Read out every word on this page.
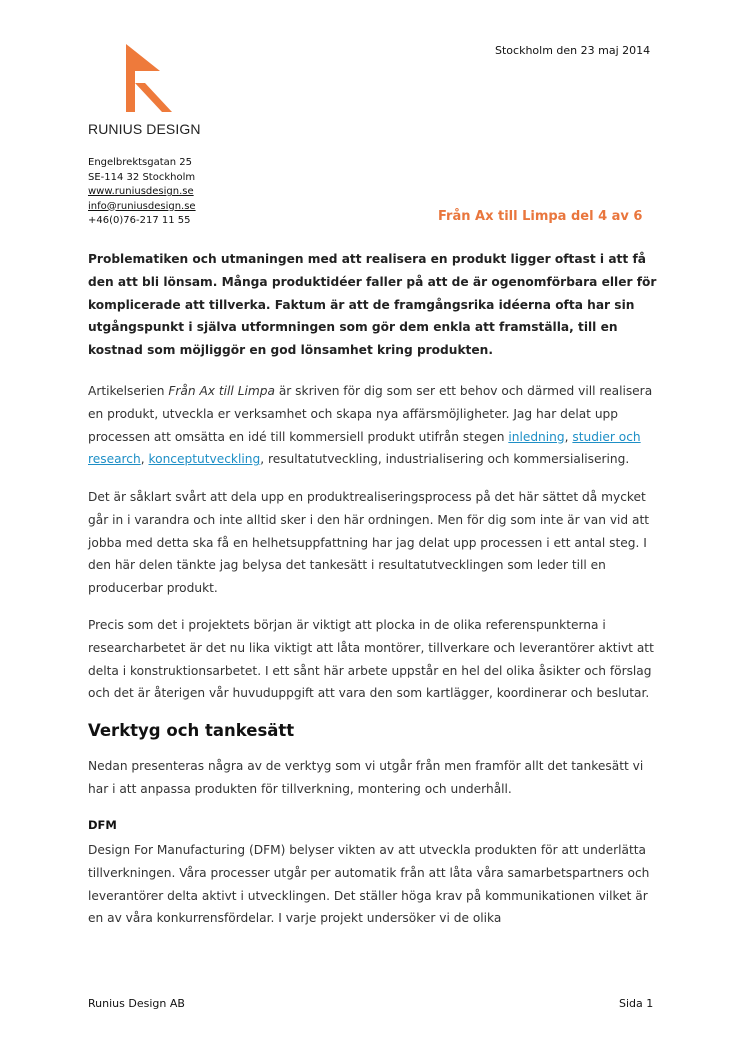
RUNIUS DESIGN
Stockholm den 23 maj 2014
Engelbrektsgatan 25
SE-114 32 Stockholm
www.runiusdesign.se
info@runiusdesign.se
+46(0)76-217 11 55	Från Ax till Limpa del 4 av 6
Problematiken och utmaningen med att realisera en produkt ligger oftast i att få den att bli lönsam. Många produktidéer faller på att de är ogenomförbara eller för komplicerade att tillverka. Faktum är att de framgångsrika idéerna ofta har sin utgångspunkt i själva utformningen som gör dem enkla att framställa, till en kostnad som möjliggör en god lönsamhet kring produkten.
Artikelserien Från Ax till Limpa är skriven för dig som ser ett behov och därmed vill realisera en produkt, utveckla er verksamhet och skapa nya affärsmöjligheter. Jag har delat upp processen att omsätta en idé till kommersiell produkt utifrån stegen inledning, studier och research, konceptutveckling, resultatutveckling, industrialisering och kommersialisering.
Det är såklart svårt att dela upp en produktrealiseringsprocess på det här sättet då mycket går in i varandra och inte alltid sker i den här ordningen. Men för dig som inte är van vid att jobba med detta ska få en helhetsuppfattning har jag delat upp processen i ett antal steg. I den här delen tänkte jag belysa det tankesätt i resultatutvecklingen som leder till en producerbar produkt.
Precis som det i projektets början är viktigt att plocka in de olika referenspunkterna i researcharbetet är det nu lika viktigt att låta montörer, tillverkare och leverantörer aktivt att delta i konstruktionsarbetet. I ett sånt här arbete uppstår en hel del olika åsikter och förslag och det är återigen vår huvuduppgift att vara den som kartlägger, koordinerar och beslutar.
Verktyg och tankesätt
Nedan presenteras några av de verktyg som vi utgår från men framför allt det tankesätt vi har i att anpassa produkten för tillverkning, montering och underhåll.
DFM
Design For Manufacturing (DFM) belyser vikten av att utveckla produkten för att underlätta tillverkningen. Våra processer utgår per automatik från att låta våra samarbetspartners och leverantörer delta aktivt i utvecklingen. Det ställer höga krav på kommunikationen vilket är en av våra konkurrensfördelar. I varje projekt undersöker vi de olika
Runius Design AB	Sida 1
